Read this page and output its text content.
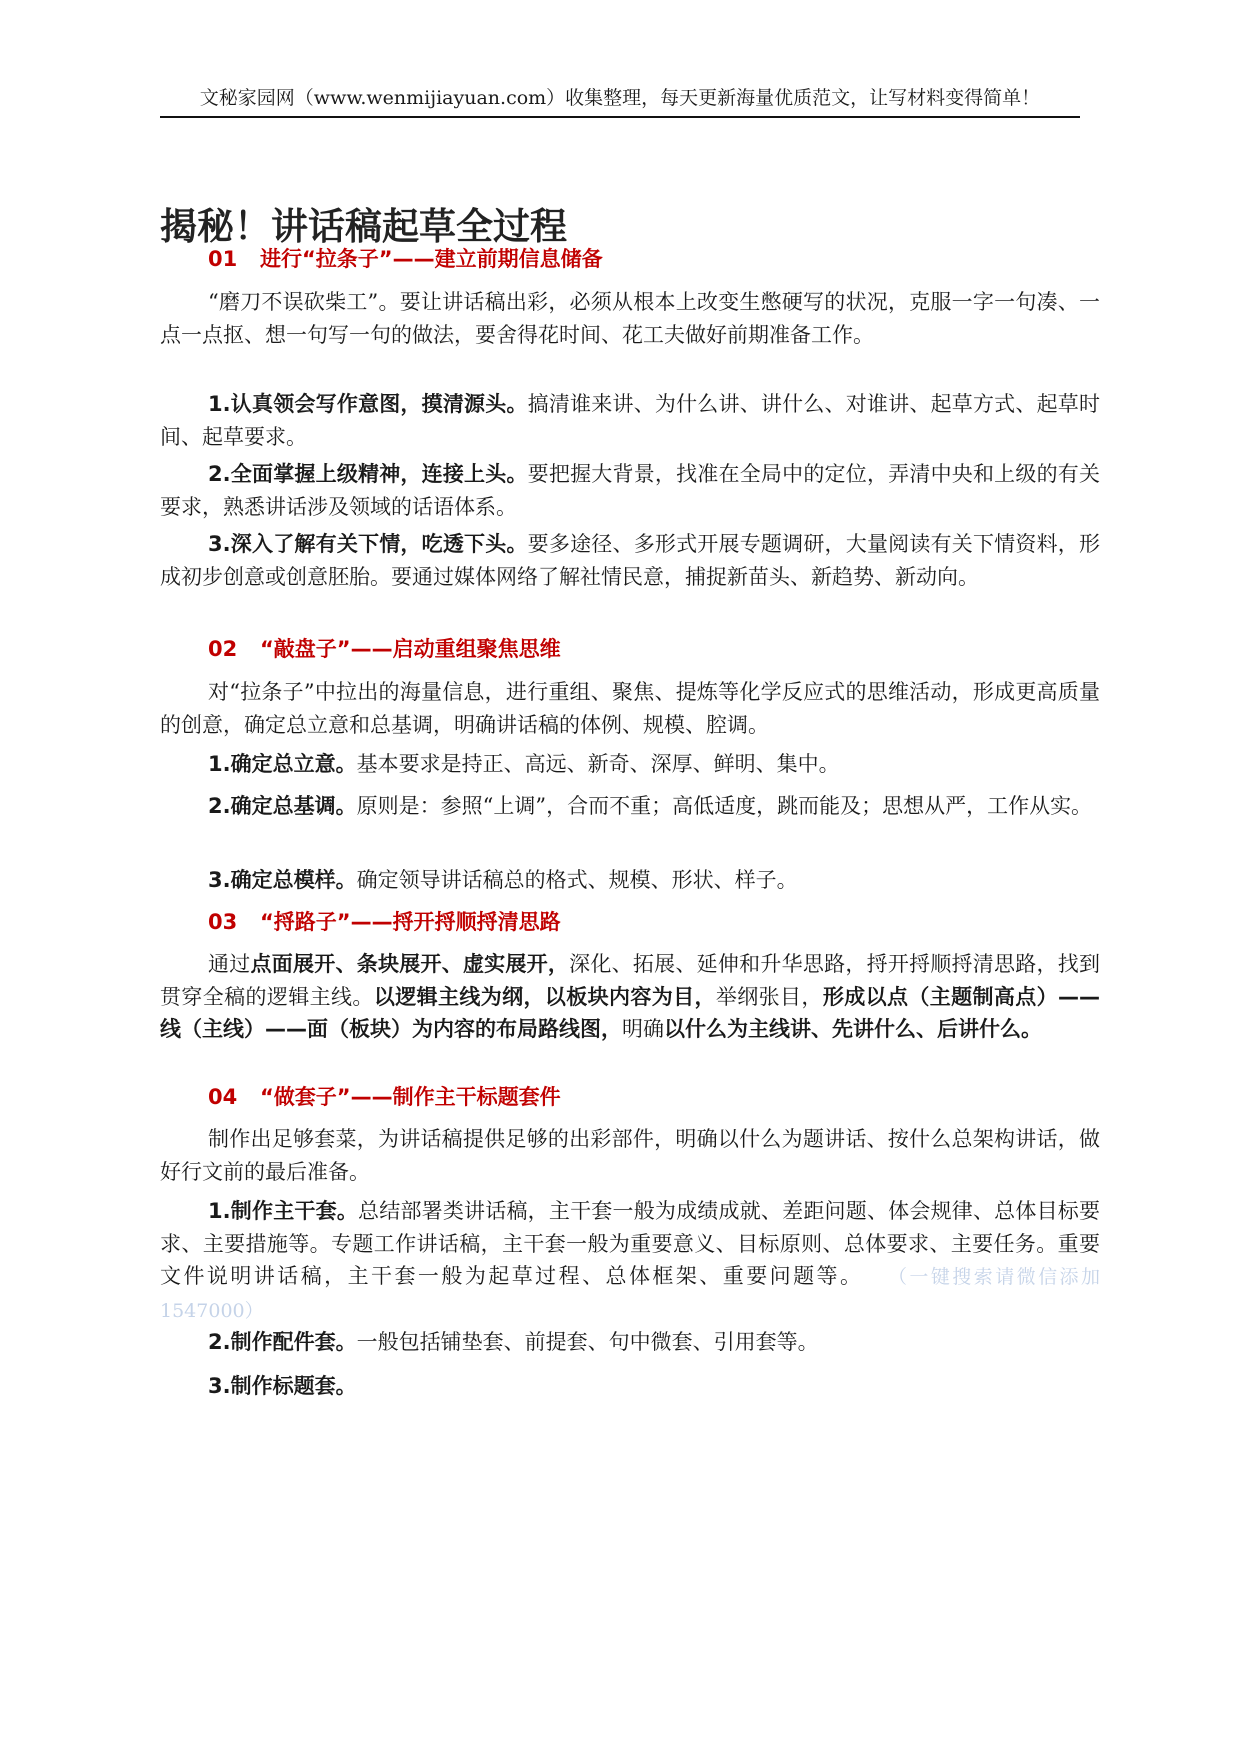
文秘家园网（www.wenmijiayuan.com）收集整理，每天更新海量优质范文，让写材料变得简单！
揭秘！讲话稿起草全过程
01 进行“拉条子”——建立前期信息储备
“磨刀不误砍柴工”。要让讲话稿出彩，必须从根本上改变生憋硬写的状况，克服一字一句凑、一点一点抠、想一句写一句的做法，要舍得花时间、花工夫做好前期准备工作。
1.认真领会写作意图，摸清源头。搞清谁来讲、为什么讲、讲什么、对谁讲、起草方式、起草时间、起草要求。
2.全面掌握上级精神，连接上头。要把握大背景，找准在全局中的定位，弄清中央和上级的有关要求，熟悉讲话涉及领域的话语体系。
3.深入了解有关下情，吃透下头。要多途径、多形式开展专题调研，大量阅读有关下情资料，形成初步创意或创意胚胎。要通过媒体网络了解社情民意，捕捉新苗头、新趋势、新动向。
02 “敲盘子”——启动重组聚焦思维
对“拉条子”中拉出的海量信息，进行重组、聚焦、提炼等化学反应式的思维活动，形成更高质量的创意，确定总立意和总基调，明确讲话稿的体例、规模、腔调。
1.确定总立意。基本要求是持正、高远、新奇、深厚、鲜明、集中。
2.确定总基调。原则是：参照“上调”，合而不重；高低适度，跳而能及；思想从严，工作从实。
3.确定总模样。确定领导讲话稿总的格式、规模、形状、样子。
03 “捋路子”——捋开捋顺捋清思路
通过点面展开、条块展开、虚实展开，深化、拓展、延伸和升华思路，捋开捋顺捋清思路，找到贯穿全稿的逻辑主线。以逻辑主线为纲，以板块内容为目，举纲张目，形成以点（主题制高点）——线（主线）——面（板块）为内容的布局路线图，明确以什么为主线讲、先讲什么、后讲什么。
04 “做套子”——制作主干标题套件
制作出足够套菜，为讲话稿提供足够的出彩部件，明确以什么为题讲话、按什么总架构讲话，做好行文前的最后准备。
1.制作主干套。总结部署类讲话稿，主干套一般为成绩成就、差距问题、体会规律、总体目标要求、主要措施等。专题工作讲话稿，主干套一般为重要意义、目标原则、总体要求、主要任务。重要文件说明讲话稿，主干套一般为起草过程、总体框架、重要问题等。 （一键搜索请微信添加 1547000）
2.制作配件套。一般包括铺垫套、前提套、句中微套、引用套等。
3.制作标题套。
